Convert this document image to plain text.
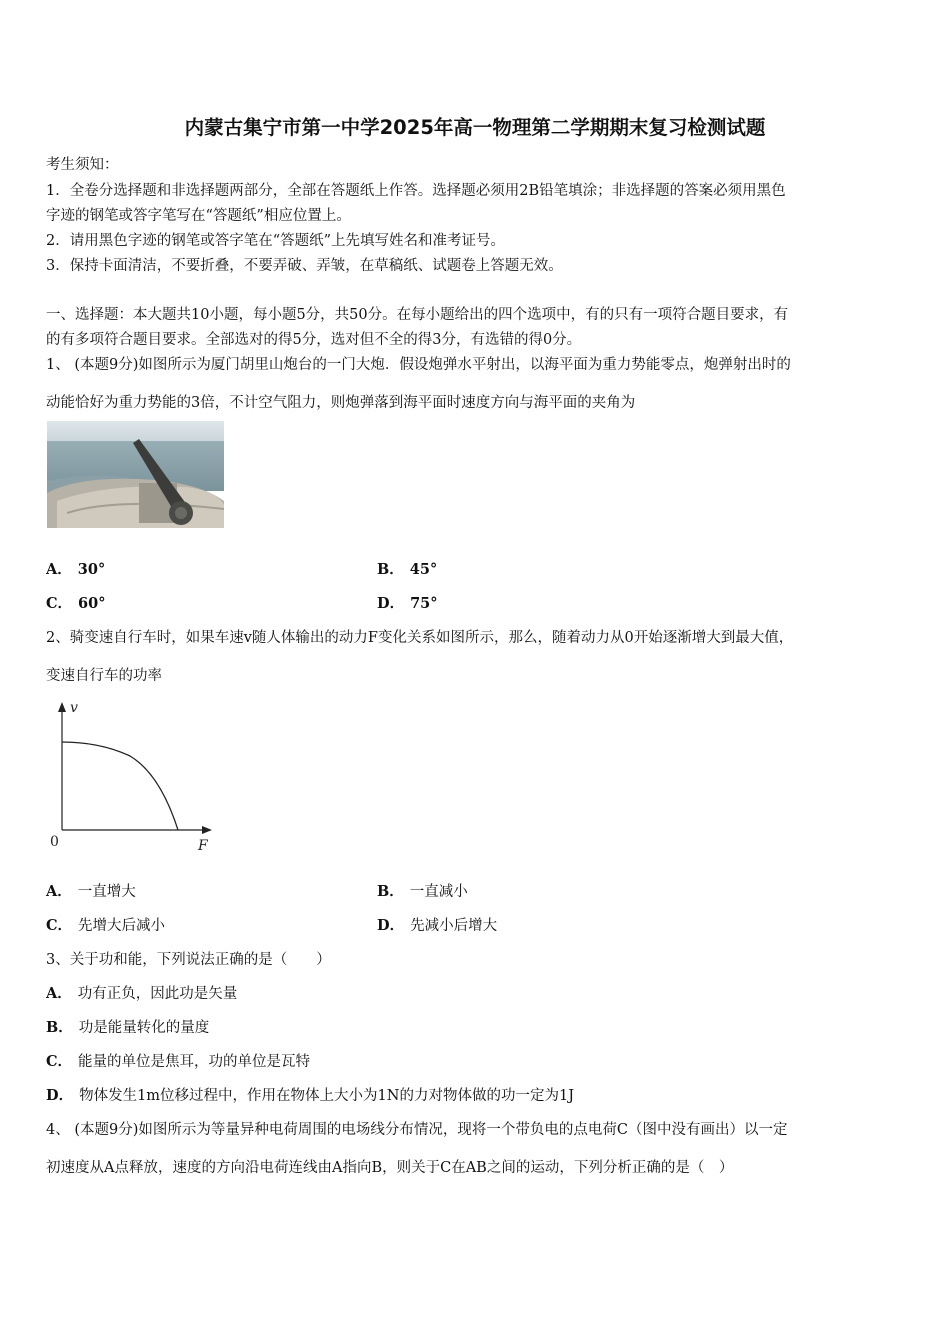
内蒙古集宁市第一中学2025年高一物理第二学期期末复习检测试题
考生须知：
1．全卷分选择题和非选择题两部分，全部在答题纸上作答。选择题必须用2B铅笔填涂；非选择题的答案必须用黑色
字迹的钢笔或答字笔写在“答题纸”相应位置上。
2．请用黑色字迹的钢笔或答字笔在“答题纸”上先填写姓名和准考证号。
3．保持卡面清洁，不要折叠，不要弄破、弄皱，在草稿纸、试题卷上答题无效。
一、选择题：本大题共10小题，每小题5分，共50分。在每小题给出的四个选项中，有的只有一项符合题目要求，有
的有多项符合题目要求。全部选对的得5分，选对但不全的得3分，有选错的得0分。
1、 (本题9分)如图所示为厦门胡里山炮台的一门大炮．假设炮弹水平射出，以海平面为重力势能零点，炮弹射出时的
动能恰好为重力势能的3倍，不计空气阻力，则炮弹落到海平面时速度方向与海平面的夹角为
A． 30°	B． 45°
C． 60°	D． 75°
2、骑变速自行车时，如果车速v随人体输出的动力F变化关系如图所示，那么，随着动力从0开始逐渐增大到最大值，
变速自行车的功率
v
F
0
A． 一直增大	B． 一直减小
C． 先增大后减小	D． 先减小后增大
3、关于功和能，下列说法正确的是（　　）
A． 功有正负，因此功是矢量
B． 功是能量转化的量度
C． 能量的单位是焦耳，功的单位是瓦特
D． 物体发生1m位移过程中，作用在物体上大小为1N的力对物体做的功一定为1J
4、 (本题9分)如图所示为等量异种电荷周围的电场线分布情况，现将一个带负电的点电荷C（图中没有画出）以一定
初速度从A点释放，速度的方向沿电荷连线由A指向B，则关于C在AB之间的运动，下列分析正确的是（　）
